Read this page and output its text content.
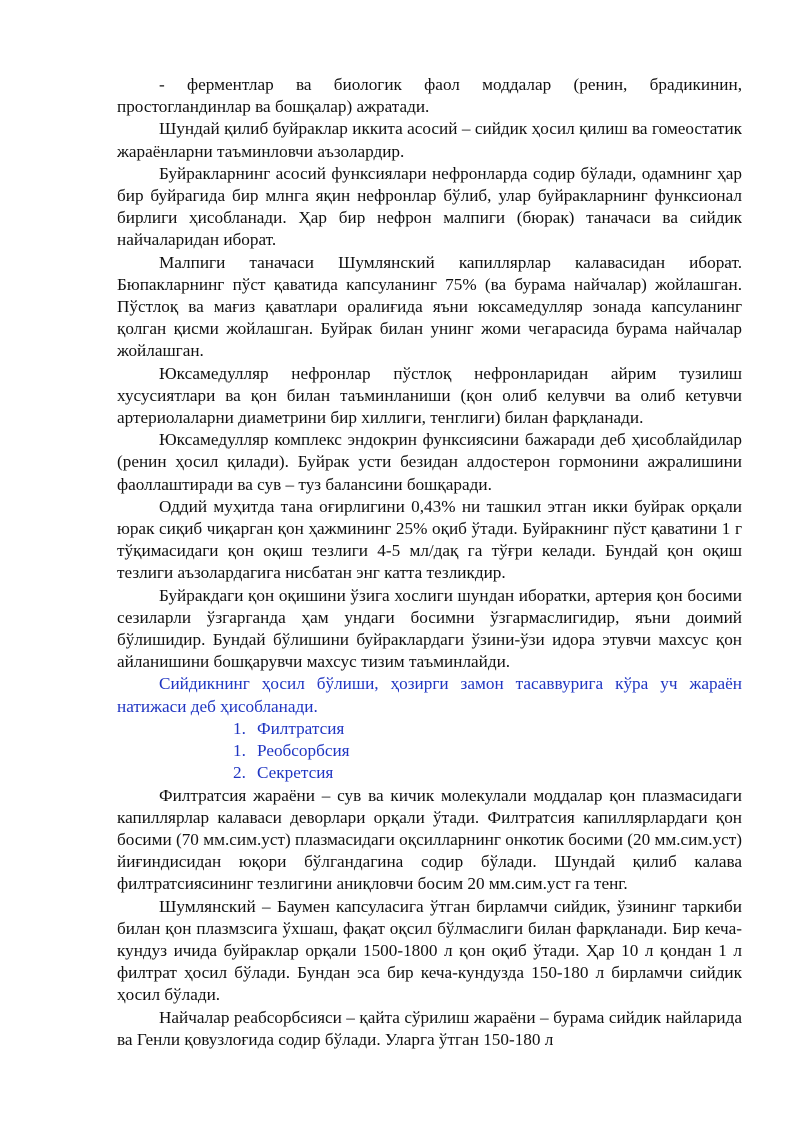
- ферментлар ва биологик фаол моддалар (ренин, брадикинин, простогландинлар ва бошқалар) ажратади.

Шундай қилиб буйраклар иккита асосий – сийдик ҳосил қилиш ва гомеостатик жараёнларни таъминловчи аъзолардир.

Буйракларнинг асосий функсиялари нефронларда содир бўлади, одамнинг ҳар бир буйрагида бир млнга яқин нефронлар бўлиб, улар буйракларнинг функсионал бирлиги ҳисобланади. Ҳар бир нефрон малпиги (бюрак) таначаси ва сийдик найчаларидан иборат.

Малпиги таначаси Шумлянский капиллярлар калавасидан иборат. Бюпакларнинг пўст қаватида капсуланинг 75% (ва бурама найчалар) жойлашган. Пўстлоқ ва мағиз қаватлари оралиғида яъни юксамедулляр зонада капсуланинг қолган қисми жойлашган. Буйрак билан унинг жоми чегарасида бурама найчалар жойлашган.

Юксамедулляр нефронлар пўстлоқ нефронларидан айрим тузилиш хусусиятлари ва қон билан таъминланиши (қон олиб келувчи ва олиб кетувчи артериолаларни диаметрини бир хиллиги, тенглиги) билан фарқланади.

Юксамедулляр комплекс эндокрин функсиясини бажаради деб ҳисоблайдилар (ренин ҳосил қилади). Буйрак усти безидан алдостерон гормонини ажралишини фаоллаштиради ва сув – туз балансини бошқаради.

Оддий муҳитда тана оғирлигини 0,43% ни ташкил этган икки буйрак орқали юрак сиқиб чиқарган қон ҳажмининг 25% оқиб ўтади. Буйракнинг пўст қаватини 1 г тўқимасидаги қон оқиш тезлиги 4-5 мл/дақ га тўғри келади. Бундай қон оқиш тезлиги аъзолардагига нисбатан энг катта тезликдир.

Буйракдаги қон оқишини ўзига хослиги шундан иборатки, артерия қон босими сезиларли ўзгарганда ҳам ундаги босимни ўзгармаслигидир, яъни доимий бўлишидир. Бундай бўлишини буйраклардаги ўзини-ўзи идора этувчи махсус қон айланишини бошқарувчи махсус тизим таъминлайди.

Сийдикнинг ҳосил бўлиши, ҳозирги замон тасаввурига кўра уч жараён натижаси деб ҳисобланади.

1. Филтратсия
1. Реобсорбсия
2. Секретсия

Филтратсия жараёни – сув ва кичик молекулали моддалар қон плазмасидаги капиллярлар калаваси деворлари орқали ўтади. Филтратсия капиллярлардаги қон босими (70 мм.сим.уст) плазмасидаги оқсилларнинг онкотик босими (20 мм.сим.уст) йиғиндисидан юқори бўлгандагина содир бўлади. Шундай қилиб калава филтратсиясининг тезлигини аниқловчи босим 20 мм.сим.уст га тенг.

Шумлянский – Баумен капсуласига ўтган бирламчи сийдик, ўзининг таркиби билан қон плазмзсига ўхшаш, фақат оқсил бўлмаслиги билан фарқланади. Бир кеча-кундуз ичида буйраклар орқали 1500-1800 л қон оқиб ўтади. Ҳар 10 л қондан 1 л филтрат ҳосил бўлади. Бундан эса бир кеча-кундузда 150-180 л бирламчи сийдик ҳосил бўлади.

Найчалар реабсорбсияси – қайта сўрилиш жараёни – бурама сийдик найларида ва Генли қовузлоғида содир бўлади. Уларга ўтган 150-180 л
